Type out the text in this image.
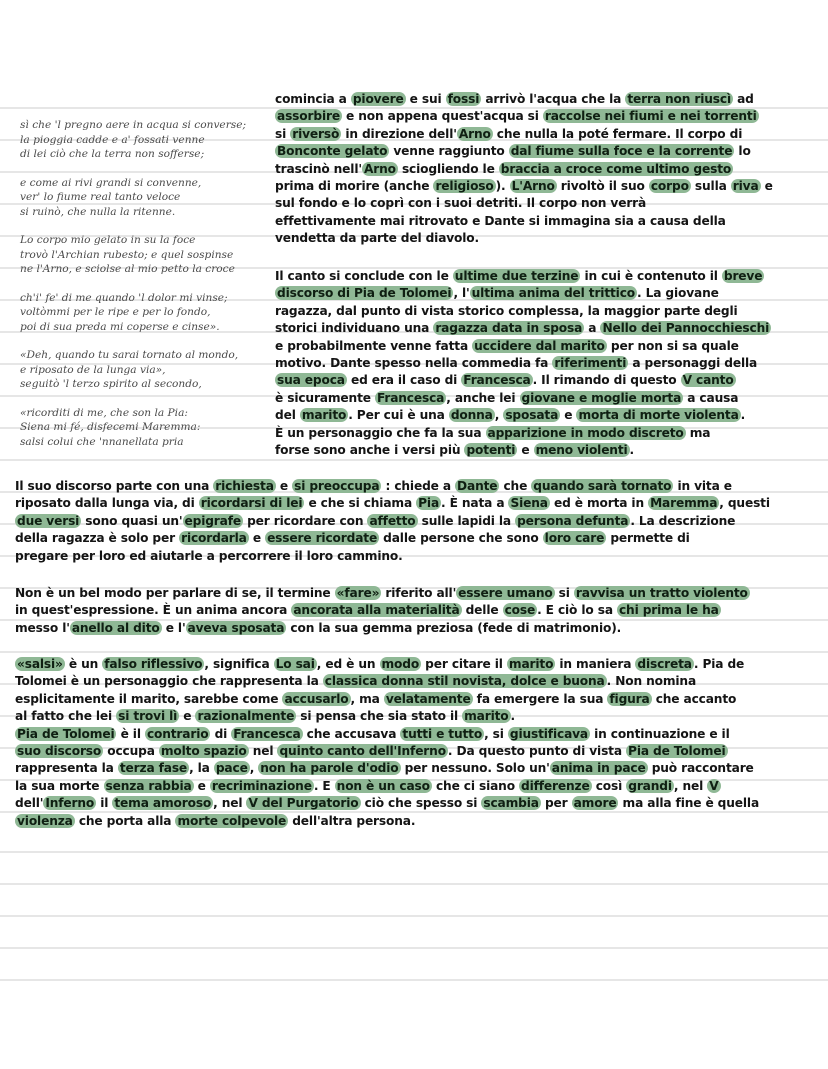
sì che 'l pregno aere in acqua si converse;
la pioggia cadde e a' fossati venne
di lei ciò che la terra non sofferse;
e come ai rivi grandi si convenne,
ver' lo fiume real tanto veloce
si ruinò, che nulla la ritenne.
Lo corpo mio gelato in su la foce
trovò l'Archian rubesto; e quel sospinse
ne l'Arno, e sciolse al mio petto la croce
ch'i' fe' di me quando 'l dolor mi vinse;
voltòmmi per le ripe e per lo fondo,
poi di sua preda mi coperse e cinse».
«Deh, quando tu sarai tornato al mondo,
e riposato de la lunga via»,
seguitò 'l terzo spirito al secondo,
«ricorditi di me, che son la Pia:
Siena mi fé, disfecemi Maremma:
salsi colui che 'nnanellata pria
comincia a piovere e sui fossi arrivò l'acqua che la terra non riuscì ad
assorbire e non appena quest'acqua si raccolse nei fiumi e nei torrenti
si riversò in direzione dell' Arno che nulla la poté fermare. Il corpo di
Bonconte gelato venne raggiunto dal fiume sulla foce e la corrente lo
trascinò nell' Arno sciogliendo le braccia a croce come ultimo gesto
prima di morire (anche religioso ). L'Arno rivoltò il suo corpo sulla riva e
sul fondo e lo coprì con i suoi detriti. Il corpo non verrà
effettivamente mai ritrovato e Dante si immagina sia a causa della
vendetta da parte del diavolo.
Il canto si conclude con le ultime due terzine in cui è contenuto il breve
discorso di Pia de Tolomei , l' ultima anima del trittico . La giovane
ragazza, dal punto di vista storico complessa, la maggior parte degli
storici individuano una ragazza data in sposa a Nello dei Pannocchieschi
e probabilmente venne fatta uccidere dal marito per non si sa quale
motivo. Dante spesso nella commedia fa riferimenti a personaggi della
sua epoca ed era il caso di Francesca . Il rimando di questo V canto
è sicuramente Francesca , anche lei giovane e moglie morta a causa
del marito . Per cui è una donna , sposata e morta di morte violenta .
È un personaggio che fa la sua apparizione in modo discreto ma
forse sono anche i versi più potenti e meno violenti .
Il suo discorso parte con una richiesta e si preoccupa : chiede a Dante che quando sarà tornato in vita e
riposato dalla lunga via, di ricordarsi di lei e che si chiama Pia . È nata a Siena ed è morta in Maremma , questi
due versi sono quasi un' epigrafe per ricordare con affetto sulle lapidi la persona defunta . La descrizione
della ragazza è solo per ricordarla e essere ricordate dalle persone che sono loro care permette di
pregare per loro ed aiutarle a percorrere il loro cammino.
Non è un bel modo per parlare di se, il termine «fare» riferito all' essere umano si ravvisa un tratto violento
in quest'espressione. È un anima ancora ancorata alla materialità delle cose . E ciò lo sa chi prima le ha
messo l' anello al dito e l' aveva sposata con la sua gemma preziosa (fede di matrimonio).
«salsi» è un falso riflessivo , significa Lo sai , ed è un modo per citare il marito in maniera discreta . Pia de
Tolomei è un personaggio che rappresenta la classica donna stil novista, dolce e buona . Non nomina
esplicitamente il marito, sarebbe come accusarlo , ma velatamente fa emergere la sua figura che accanto
al fatto che lei si trovi lì e razionalmente si pensa che sia stato il marito .
Pia de Tolomei è il contrario di Francesca che accusava tutti e tutto , si giustificava in continuazione e il
suo discorso occupa molto spazio nel quinto canto dell'Inferno . Da questo punto di vista Pia de Tolomei
rappresenta la terza fase , la pace , non ha parole d'odio per nessuno. Solo un' anima in pace può raccontare
la sua morte senza rabbia e recriminazione . E non è un caso che ci siano differenze così grandi , nel V
dell' Inferno il tema amoroso , nel V del Purgatorio ciò che spesso si scambia per amore ma alla fine è quella
violenza che porta alla morte colpevole dell'altra persona.
